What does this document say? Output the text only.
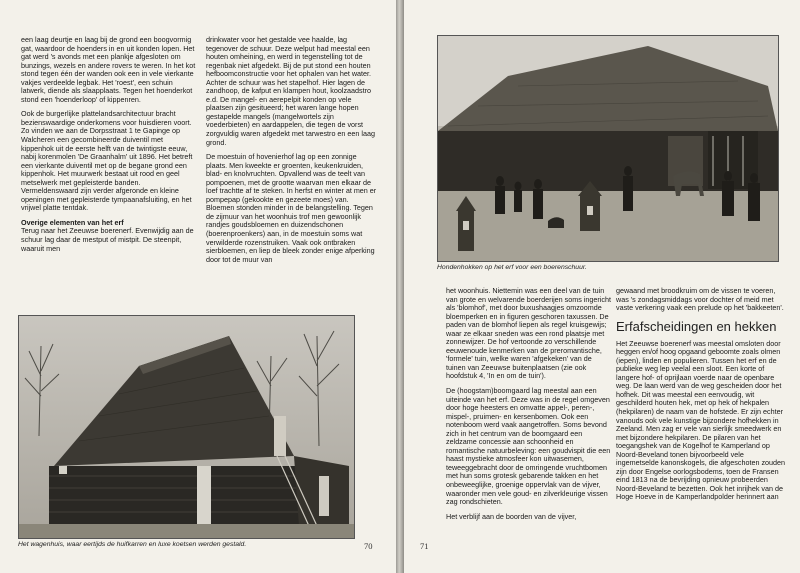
een laag deurtje en laag bij de grond een boogvormig gat, waardoor de hoenders in en uit konden lopen. Het gat werd 's avonds met een plankje afgesloten om bunzings, wezels en andere rovers te weren. In het kot stond tegen één der wanden ook een in vele vierkante vakjes verdeelde legbak. Het 'roest', een schuin latwerk, diende als slaapplaats. Tegen het hoenderkot stond een 'hoenderloop' of kippenren.

Ook de burgerlijke plattelandsarchitectuur bracht bezienswaardige onderkomens voor huisdieren voort. Zo vinden we aan de Dorpsstraat 1 te Gapinge op Walcheren een gecombineerde duiventil met kippenhok uit de eerste helft van de twintigste eeuw, nabij korenmolen 'De Graanhalm' uit 1896. Het betreft een vierkante duiventil met op de begane grond een kippenhok. Het muurwerk bestaat uit rood en geel metselwerk met gepleisterde banden. Vermeldenswaard zijn verder afgeronde en kleine openingen met gepleisterde tympaanafsluiting, en het vrijwel platte tentdak.

Overige elementen van het erf

Terug naar het Zeeuwse boerenerf. Evenwijdig aan de schuur lag daar de mestput of mistpit. De steenpit, waaruit men

drinkwater voor het gestalde vee haalde, lag tegenover de schuur. Deze welput had meestal een houten omheining, en werd in tegenstelling tot de regenbak niet afgedekt. Bij de put stond een houten hefboomconstructie voor het ophalen van het water. Achter de schuur was het stapelhof. Hier lagen de zandhoop, de kafput en klampen hout, koolzaadstro e.d. De mangel- en aerepelpit konden op vele plaatsen zijn gesitueerd; het waren lange hopen gestapelde mangels (mangelwortels zijn voederbieten) en aardappelen, die tegen de vorst zorgvuldig waren afgedekt met tarwestro en een laag grond.

De moestuin of hovenierhof lag op een zonnige plaats. Men kweekte er groenten, keukenkruiden, blad- en knolvruchten. Opvallend was de teelt van pompoenen, met de grootte waarvan men elkaar de loef trachtte af te steken. In herfst en winter at men er pompepap (gekookte en gezeete moes) van. Bloemen stonden minder in de belangstelling. Tegen de zijmuur van het woonhuis trof men gewoonlijk randjes goudsbloemen en duizendschonen (boerenproenkers) aan, in de moestuin soms wat verwilderde rozenstruiken. Vaak ook ontbraken sierbloemen, en liep de bleek zonder enige afperking door tot de muur van

Het wagenhuis, waar eertijds de huifkarren en luxe koetsen werden gestald.	70
Hondenhokken op het erf voor een boerenschuur.

het woonhuis. Niettemin was een deel van de tuin van grote en welvarende boerderijen soms ingericht als 'blomhof', met door buxushaagjes omzoomde bloemperken en in figuren geschoren taxussen. De paden van de blomhof liepen als regel kruisgewijs; waar ze elkaar sneden was een rond plaatsje met zonnewijzer. De hof vertoonde zo verschillende eeuwenoude kenmerken van de preromantische, 'formele' tuin, welke waren 'afgekeken' van de tuinen van Zeeuwse buitenplaatsen (zie ook hoofdstuk 4, 'In en om de tuin').

De (hoogstam)boomgaard lag meestal aan een uiteinde van het erf. Deze was in de regel omgeven door hoge heesters en omvatte appel-, peren-, mispel-, pruimen- en kersenbomen. Ook een notenboom werd vaak aangetroffen. Soms bevond zich in het centrum van de boomgaard een zeldzame concessie aan schoonheid en romantische natuurbeleving: een goudvispit die een haast mystieke atmosfeer kon uitwasemen, teweeggebracht door de omringende vruchtbomen met hun soms grotesk gebarende takken en het onbeweeglijke, groenige oppervlak van de vijver, waaronder men vele goud- en zilverkleurige vissen zag rondschieten.

Het verblijf aan de boorden van de vijver,

gewaand met broodkruim om de vissen te voeren, was 's zondagsmiddags voor dochter of meid met vaste verkering vaak een prelude op het 'bakkeeten'.

Erfafscheidingen en hekken

Het Zeeuwse boerenerf was meestal omsloten door heggen en/of hoog opgaand geboomte zoals olmen (iepen), linden en populieren. Tussen het erf en de publieke weg lep veelal een sloot. Een korte of langere hof- of oprijlaan voerde naar de openbare weg. De laan werd van de weg gescheiden door het hofhek. Dit was meestal een eenvoudig, wit geschilderd houten hek, met op hek of hekpalen (hekpilaren) de naam van de hofstede. Er zijn echter vanouds ook vele kunstige bijzondere hofhekken in Zeeland. Men zag er vele van sierlijk smeedwerk en met bijzondere hekpilaren. De pilaren van het toegangshek van de Kogelhof te Kamperland op Noord-Beveland tonen bijvoorbeeld vele ingemetselde kanonskogels, die afgeschoten zouden zijn door Engelse oorlogsbodems, toen de Fransen eind 1813 na de bevrijding opnieuw probeerden Noord-Beveland te bezetten. Ook het inrijhek van de Hoge Hoeve in de Kamperlandpolder herinnert aan

71
